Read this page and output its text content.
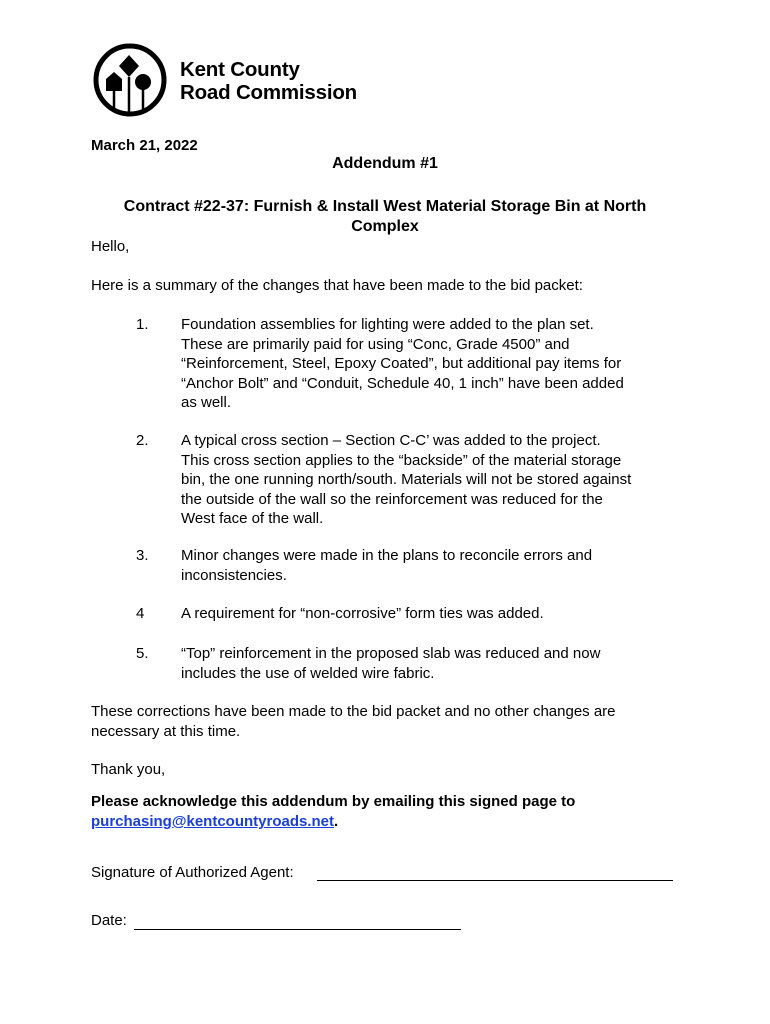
Kent County
Road Commission
March 21, 2022
Addendum #1
Contract #22-37: Furnish & Install West Material Storage Bin at North
Complex
Hello,
Here is a summary of the changes that have been made to the bid packet:
1. Foundation assemblies for lighting were added to the plan set.
These are primarily paid for using “Conc, Grade 4500” and
“Reinforcement, Steel, Epoxy Coated”, but additional pay items for
“Anchor Bolt” and “Conduit, Schedule 40, 1 inch” have been added
as well.
2. A typical cross section – Section C-C’ was added to the project.
This cross section applies to the “backside” of the material storage
bin, the one running north/south. Materials will not be stored against
the outside of the wall so the reinforcement was reduced for the
West face of the wall.
3. Minor changes were made in the plans to reconcile errors and
inconsistencies.
4 A requirement for “non-corrosive” form ties was added.
5. “Top” reinforcement in the proposed slab was reduced and now
includes the use of welded wire fabric.
These corrections have been made to the bid packet and no other changes are
necessary at this time.
Thank you,
Please acknowledge this addendum by emailing this signed page to
purchasing@kentcountyroads.net.
Signature of Authorized Agent:
Date:
